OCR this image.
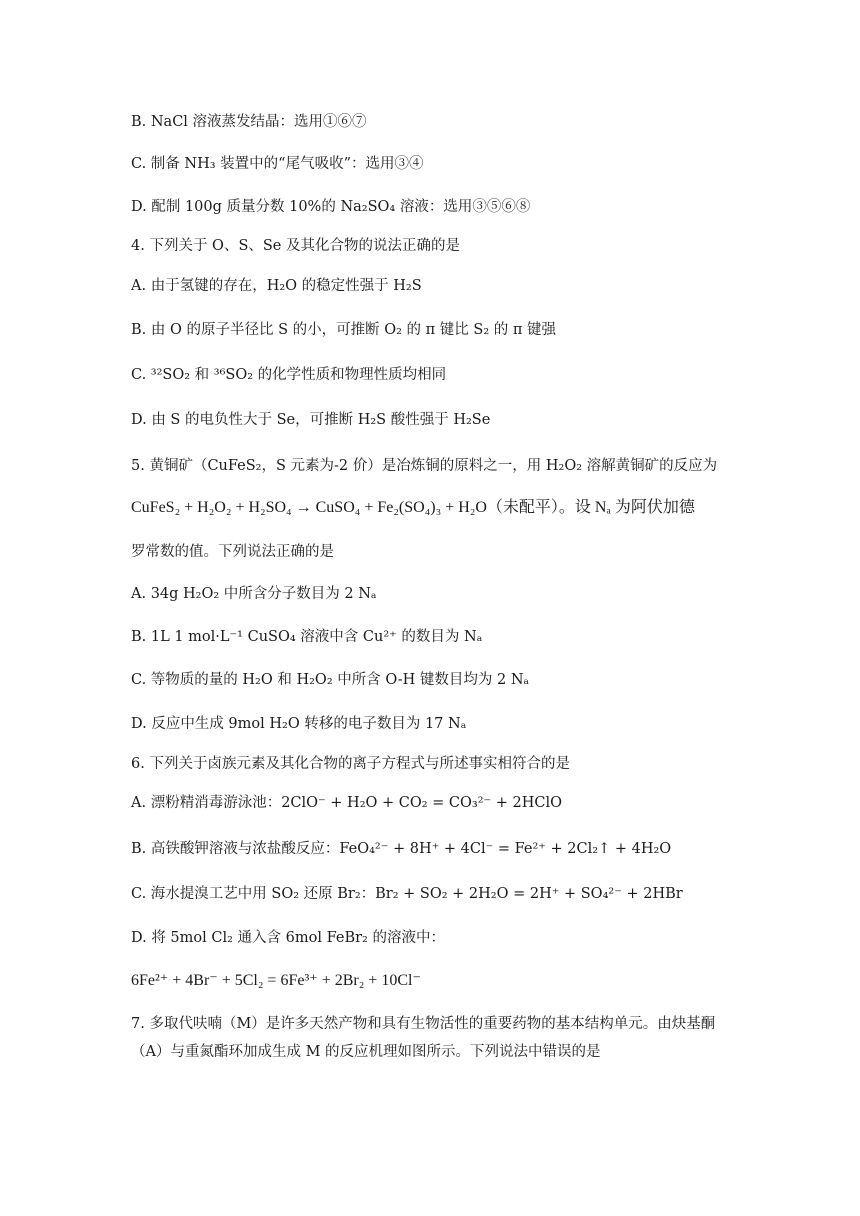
B. NaCl 溶液蒸发结晶：选用①⑥⑦
C. 制备 NH₃ 装置中的“尾气吸收”：选用③④
D. 配制 100g 质量分数 10%的 Na₂SO₄ 溶液：选用③⑤⑥⑧
4. 下列关于 O、S、Se 及其化合物的说法正确的是
A. 由于氢键的存在，H₂O 的稳定性强于 H₂S
B. 由 O 的原子半径比 S 的小，可推断 O₂ 的 π 键比 S₂ 的 π 键强
C. ³²SO₂ 和 ³⁶SO₂ 的化学性质和物理性质均相同
D. 由 S 的电负性大于 Se，可推断 H₂S 酸性强于 H₂Se
5. 黄铜矿（CuFeS₂，S 元素为-2 价）是冶炼铜的原料之一，用 H₂O₂ 溶解黄铜矿的反应为
CuFeS₂ + H₂O₂ + H₂SO₄ → CuSO₄ + Fe₂(SO₄)₃ + H₂O（未配平）。设 Nₐ 为阿伏加德
罗常数的值。下列说法正确的是
A. 34g H₂O₂ 中所含分子数目为 2 Nₐ
B. 1L 1 mol·L⁻¹ CuSO₄ 溶液中含 Cu²⁺ 的数目为 Nₐ
C. 等物质的量的 H₂O 和 H₂O₂ 中所含 O-H 键数目均为 2 Nₐ
D. 反应中生成 9mol H₂O 转移的电子数目为 17 Nₐ
6. 下列关于卤族元素及其化合物的离子方程式与所述事实相符合的是
A. 漂粉精消毒游泳池：2ClO⁻ + H₂O + CO₂ = CO₃²⁻ + 2HClO
B. 高铁酸钾溶液与浓盐酸反应：FeO₄²⁻ + 8H⁺ + 4Cl⁻ = Fe²⁺ + 2Cl₂↑ + 4H₂O
C. 海水提溴工艺中用 SO₂ 还原 Br₂：Br₂ + SO₂ + 2H₂O = 2H⁺ + SO₄²⁻ + 2HBr
D. 将 5mol Cl₂ 通入含 6mol FeBr₂ 的溶液中：
6Fe²⁺ + 4Br⁻ + 5Cl₂ = 6Fe³⁺ + 2Br₂ + 10Cl⁻
7. 多取代呋喃（M）是许多天然产物和具有生物活性的重要药物的基本结构单元。由炔基酮（A）与重氮酯环加成生成 M 的反应机理如图所示。下列说法中错误的是
